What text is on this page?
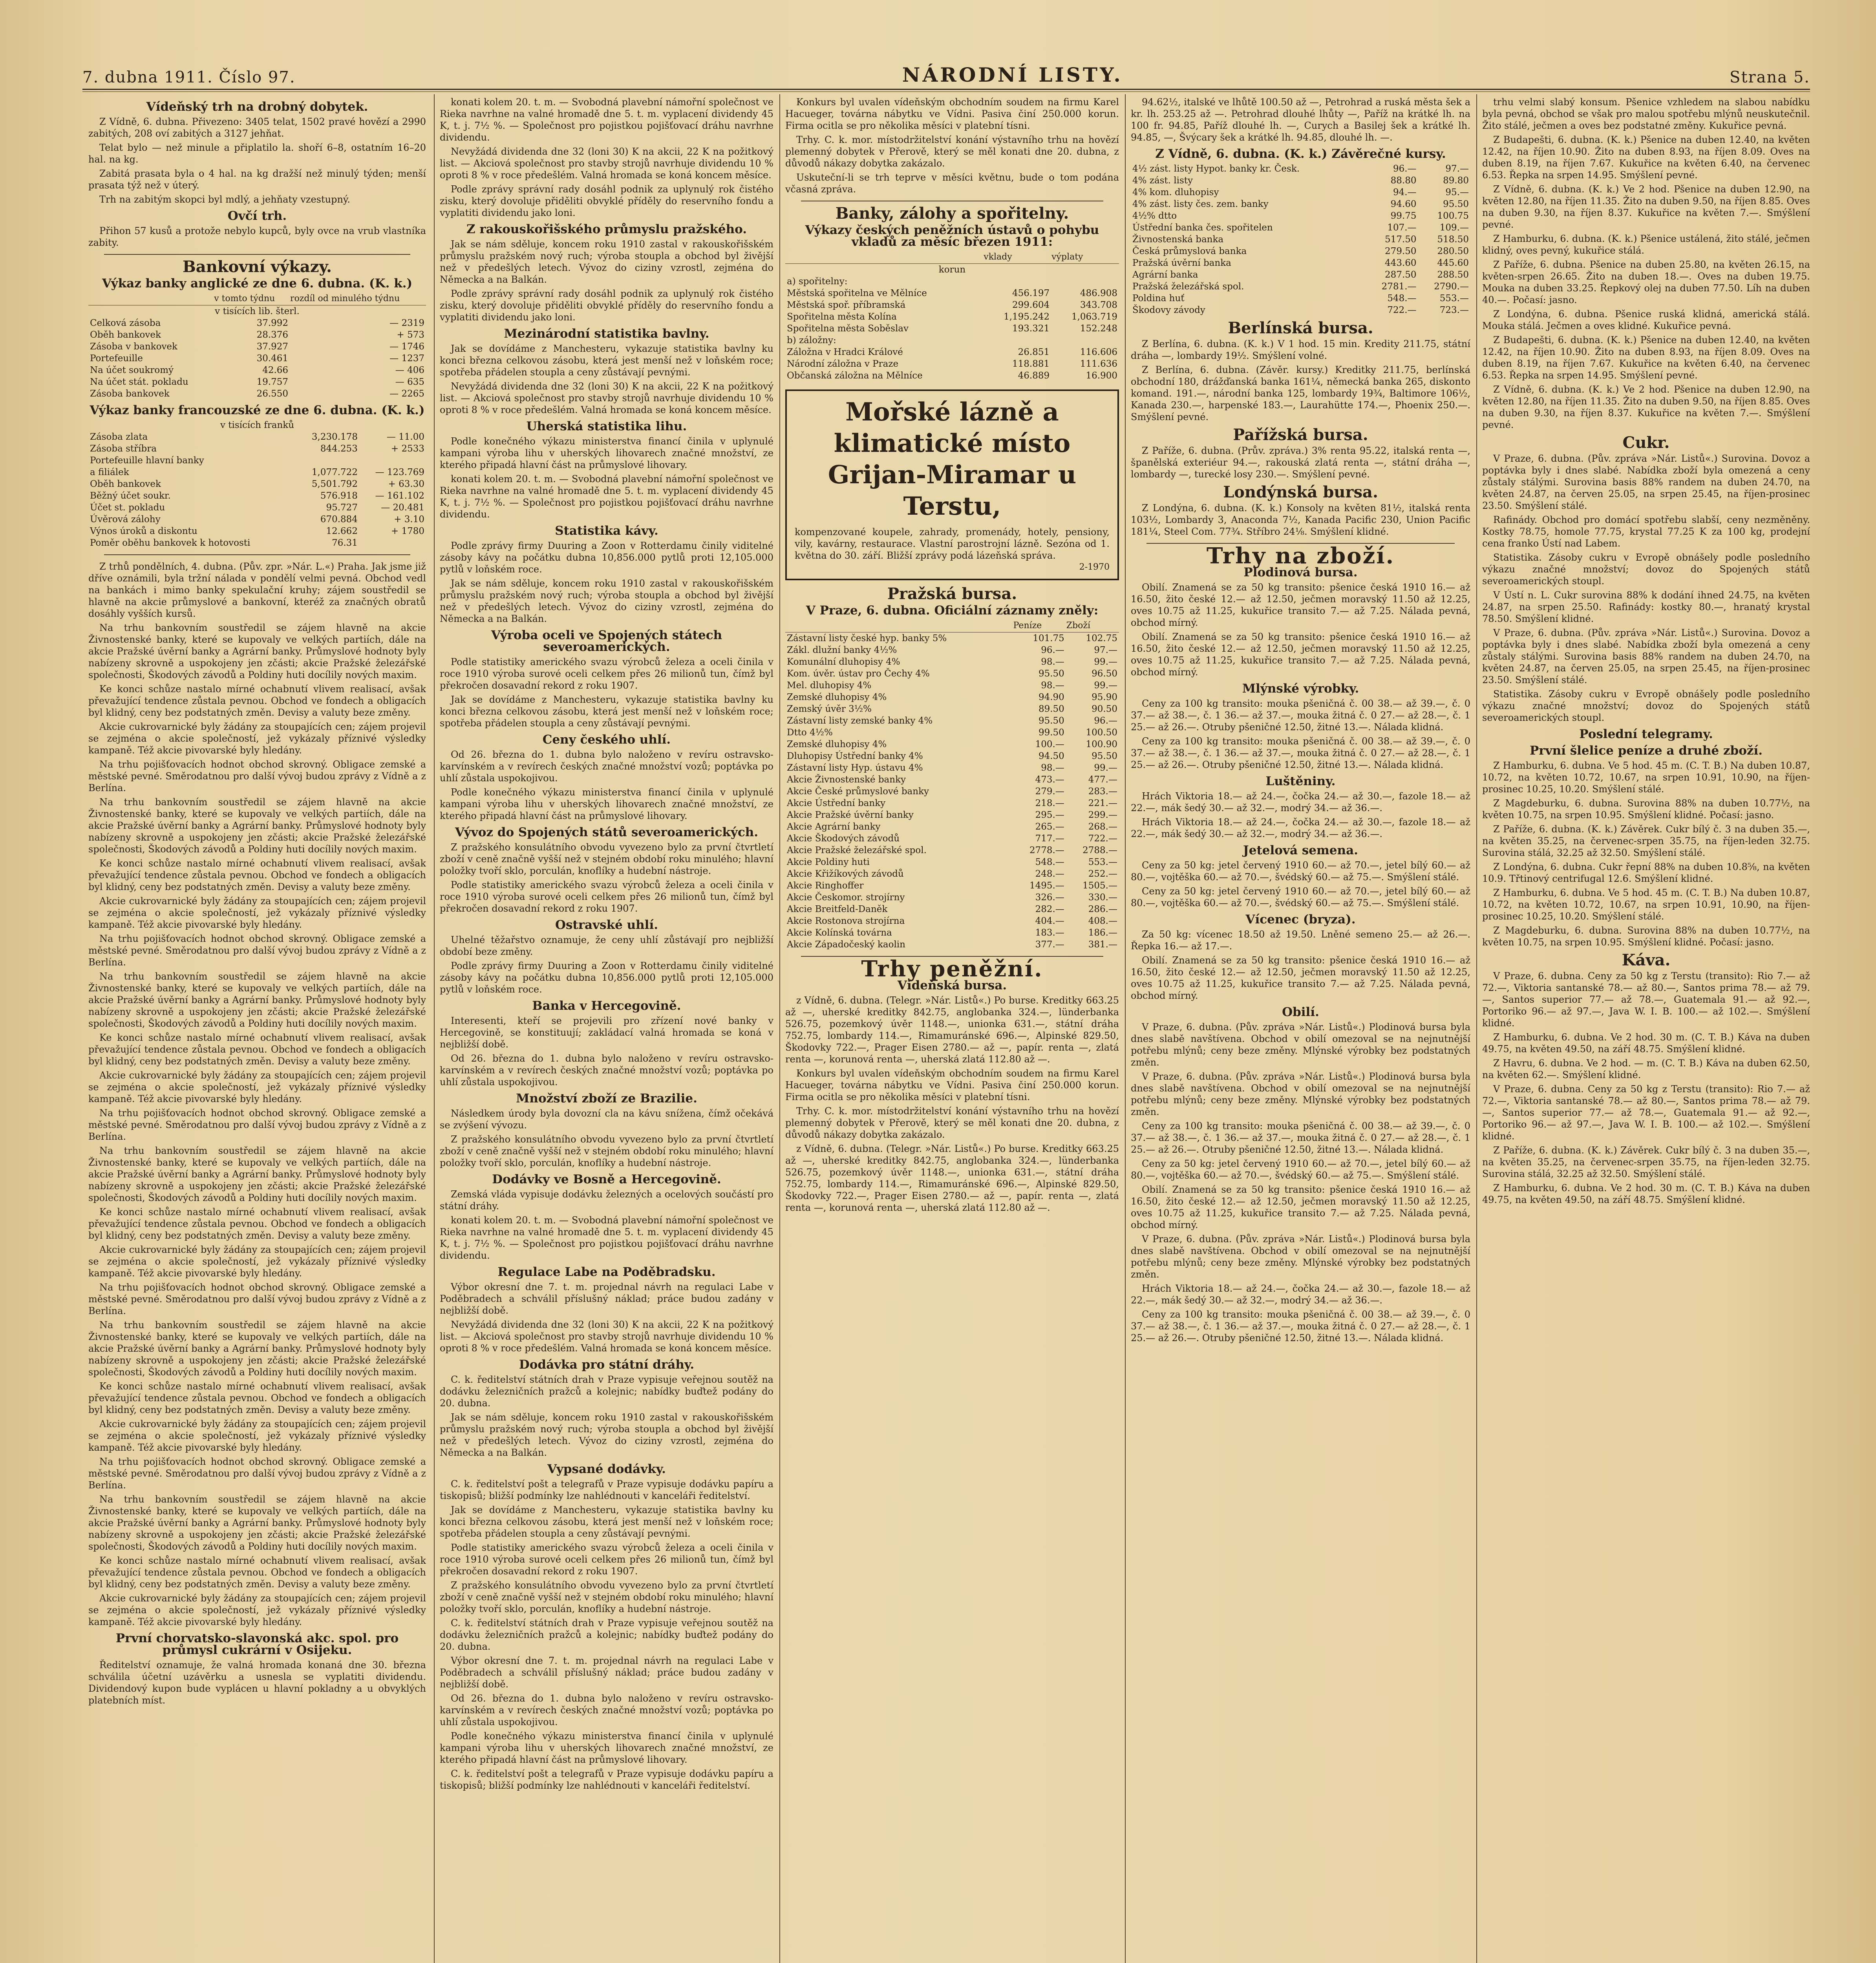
7. dubna 1911. Číslo 97.	NÁRODNÍ LISTY.	Strana 5.
Vídeňský trh na drobný dobytek.

Z Vídně, 6. dubna. Přivezeno: 3405 telat, 1502 pravé hovězí a 2990 zabitých, 208 oví zabitých a 3127 jehňat.

Telat bylo — než minule a připlatilo la. shoří 6–8, ostatním 16–20 hal. na kg.

Zabitá prasata byla o 4 hal. na kg dražší než minulý týden; menší prasata týž než v úterý.

Trh na zabitým skopci byl mdlý, a jehňaty vzestupný.

Ovčí trh.

Přihon 57 kusů a protože nebylo kupců, byly ovce na vrub vlastníka zabity.

Bankovní výkazy.
Výkaz banky anglické ze dne 6. dubna. (K. k.)
	v tomto týdnu	rozdíl od minulého týdnu
v tisících lib. šterl.		
Celková zásoba	37.992	— 2319
Oběh bankovek	28.376	+ 573
Zásoba v bankovek	37.927	— 1746
Portefeuille	30.461	— 1237
Na účet soukromý	42.66	— 406
Na účet stát. pokladu	19.757	— 635
Zásoba bankovek	26.550	— 2265
Výkaz banky francouzské ze dne 6. dubna. (K. k.)
v tisících franků		
Zásoba zlata	3,230.178	— 11.00
Zásoba stříbra	844.253	+ 2533
Portefeuille hlavní banky		
a filiálek	1,077.722	— 123.769
Oběh bankovek	5,501.792	+ 63.30
Běžný účet soukr.	576.918	— 161.102
Účet st. pokladu	95.727	— 20.481
Úvěrová zálohy	670.884	+ 3.10
Výnos úroků a diskontu	12.662	+ 1780
Poměr oběhu bankovek k hotovosti	76.31	

Z trhů pondělních, 4. dubna. (Pův. zpr. »Nár. L.«) Praha. Jak jsme již dříve oznámili, byla tržní nálada v pondělí velmi pevná. Obchod vedl na bankách i mimo banky spekulační kruhy; zájem soustředil se hlavně na akcie průmyslové a bankovní, kteréž za značných obratů dosáhly vyšších kursů.

Na trhu bankovním soustředil se zájem hlavně na akcie Živnostenské banky, které se kupovaly ve velkých partiích, dále na akcie Pražské úvěrní banky a Agrární banky. Průmyslové hodnoty byly nabízeny skrovně a uspokojeny jen zčásti; akcie Pražské železářské společnosti, Škodových závodů a Poldiny huti docílily nových maxim.

Ke konci schůze nastalo mírné ochabnutí vlivem realisací, avšak převažující tendence zůstala pevnou. Obchod ve fondech a obligacích byl klidný, ceny bez podstatných změn. Devisy a valuty beze změny.

Akcie cukrovarnické byly žádány za stoupajících cen; zájem projevil se zejména o akcie společností, jež vykázaly příznivé výsledky kampaně. Též akcie pivovarské byly hledány.

Na trhu pojišťovacích hodnot obchod skrovný. Obligace zemské a městské pevné. Směrodatnou pro další vývoj budou zprávy z Vídně a z Berlína.

Na trhu bankovním soustředil se zájem hlavně na akcie Živnostenské banky, které se kupovaly ve velkých partiích, dále na akcie Pražské úvěrní banky a Agrární banky. Průmyslové hodnoty byly nabízeny skrovně a uspokojeny jen zčásti; akcie Pražské železářské společnosti, Škodových závodů a Poldiny huti docílily nových maxim.

Ke konci schůze nastalo mírné ochabnutí vlivem realisací, avšak převažující tendence zůstala pevnou. Obchod ve fondech a obligacích byl klidný, ceny bez podstatných změn. Devisy a valuty beze změny.

Akcie cukrovarnické byly žádány za stoupajících cen; zájem projevil se zejména o akcie společností, jež vykázaly příznivé výsledky kampaně. Též akcie pivovarské byly hledány.

Na trhu pojišťovacích hodnot obchod skrovný. Obligace zemské a městské pevné. Směrodatnou pro další vývoj budou zprávy z Vídně a z Berlína.

Na trhu bankovním soustředil se zájem hlavně na akcie Živnostenské banky, které se kupovaly ve velkých partiích, dále na akcie Pražské úvěrní banky a Agrární banky. Průmyslové hodnoty byly nabízeny skrovně a uspokojeny jen zčásti; akcie Pražské železářské společnosti, Škodových závodů a Poldiny huti docílily nových maxim.

Ke konci schůze nastalo mírné ochabnutí vlivem realisací, avšak převažující tendence zůstala pevnou. Obchod ve fondech a obligacích byl klidný, ceny bez podstatných změn. Devisy a valuty beze změny.

Akcie cukrovarnické byly žádány za stoupajících cen; zájem projevil se zejména o akcie společností, jež vykázaly příznivé výsledky kampaně. Též akcie pivovarské byly hledány.

Na trhu pojišťovacích hodnot obchod skrovný. Obligace zemské a městské pevné. Směrodatnou pro další vývoj budou zprávy z Vídně a z Berlína.

Na trhu bankovním soustředil se zájem hlavně na akcie Živnostenské banky, které se kupovaly ve velkých partiích, dále na akcie Pražské úvěrní banky a Agrární banky. Průmyslové hodnoty byly nabízeny skrovně a uspokojeny jen zčásti; akcie Pražské železářské společnosti, Škodových závodů a Poldiny huti docílily nových maxim.

Ke konci schůze nastalo mírné ochabnutí vlivem realisací, avšak převažující tendence zůstala pevnou. Obchod ve fondech a obligacích byl klidný, ceny bez podstatných změn. Devisy a valuty beze změny.

Akcie cukrovarnické byly žádány za stoupajících cen; zájem projevil se zejména o akcie společností, jež vykázaly příznivé výsledky kampaně. Též akcie pivovarské byly hledány.

Na trhu pojišťovacích hodnot obchod skrovný. Obligace zemské a městské pevné. Směrodatnou pro další vývoj budou zprávy z Vídně a z Berlína.

Na trhu bankovním soustředil se zájem hlavně na akcie Živnostenské banky, které se kupovaly ve velkých partiích, dále na akcie Pražské úvěrní banky a Agrární banky. Průmyslové hodnoty byly nabízeny skrovně a uspokojeny jen zčásti; akcie Pražské železářské společnosti, Škodových závodů a Poldiny huti docílily nových maxim.

Ke konci schůze nastalo mírné ochabnutí vlivem realisací, avšak převažující tendence zůstala pevnou. Obchod ve fondech a obligacích byl klidný, ceny bez podstatných změn. Devisy a valuty beze změny.

Akcie cukrovarnické byly žádány za stoupajících cen; zájem projevil se zejména o akcie společností, jež vykázaly příznivé výsledky kampaně. Též akcie pivovarské byly hledány.

Na trhu pojišťovacích hodnot obchod skrovný. Obligace zemské a městské pevné. Směrodatnou pro další vývoj budou zprávy z Vídně a z Berlína.

Na trhu bankovním soustředil se zájem hlavně na akcie Živnostenské banky, které se kupovaly ve velkých partiích, dále na akcie Pražské úvěrní banky a Agrární banky. Průmyslové hodnoty byly nabízeny skrovně a uspokojeny jen zčásti; akcie Pražské železářské společnosti, Škodových závodů a Poldiny huti docílily nových maxim.

Ke konci schůze nastalo mírné ochabnutí vlivem realisací, avšak převažující tendence zůstala pevnou. Obchod ve fondech a obligacích byl klidný, ceny bez podstatných změn. Devisy a valuty beze změny.

Akcie cukrovarnické byly žádány za stoupajících cen; zájem projevil se zejména o akcie společností, jež vykázaly příznivé výsledky kampaně. Též akcie pivovarské byly hledány.

První chorvatsko-slavonská akc. spol. pro průmysl cukrární v Osijeku.

Ředitelství oznamuje, že valná hromada konaná dne 30. března schválila účetní uzávěrku a usnesla se vyplatiti dividendu. Dividendový kupon bude vyplácen u hlavní pokladny a u obvyklých platebních míst.

konati kolem 20. t. m. — Svobodná plavební námořní společnost ve Rieka navrhne na valné hromadě dne 5. t. m. vyplacení dividendy 45 K, t. j. 7½ %. — Společnost pro pojistkou pojišťovací dráhu navrhne dividendu.

Nevyžádá dividenda dne 32 (loni 30) K na akcii, 22 K na požitkový list. — Akciová společnost pro stavby strojů navrhuje dividendu 10 % oproti 8 % v roce předešlém. Valná hromada se koná koncem měsíce.

Podle zprávy správní rady dosáhl podnik za uplynulý rok čistého zisku, který dovoluje přiděliti obvyklé příděly do reservního fondu a vyplatiti dividendu jako loni.

Z rakouskořišského průmyslu pražského.

Jak se nám sděluje, koncem roku 1910 zastal v rakouskořišském průmyslu pražském nový ruch; výroba stoupla a obchod byl živější než v předešlých letech. Vývoz do ciziny vzrostl, zejména do Německa a na Balkán.

Podle zprávy správní rady dosáhl podnik za uplynulý rok čistého zisku, který dovoluje přiděliti obvyklé příděly do reservního fondu a vyplatiti dividendu jako loni.

Mezinárodní statistika bavlny.

Jak se dovídáme z Manchesteru, vykazuje statistika bavlny ku konci března celkovou zásobu, která jest menší než v loňském roce; spotřeba přádelen stoupla a ceny zůstávají pevnými.

Nevyžádá dividenda dne 32 (loni 30) K na akcii, 22 K na požitkový list. — Akciová společnost pro stavby strojů navrhuje dividendu 10 % oproti 8 % v roce předešlém. Valná hromada se koná koncem měsíce.

Uherská statistika lihu.

Podle konečného výkazu ministerstva financí činila v uplynulé kampani výroba lihu v uherských lihovarech značné množství, ze kterého připadá hlavní část na průmyslové lihovary.

konati kolem 20. t. m. — Svobodná plavební námořní společnost ve Rieka navrhne na valné hromadě dne 5. t. m. vyplacení dividendy 45 K, t. j. 7½ %. — Společnost pro pojistkou pojišťovací dráhu navrhne dividendu.

Statistika kávy.

Podle zprávy firmy Duuring a Zoon v Rotterdamu činily viditelné zásoby kávy na počátku dubna 10,856.000 pytlů proti 12,105.000 pytlů v loňském roce.

Jak se nám sděluje, koncem roku 1910 zastal v rakouskořišském průmyslu pražském nový ruch; výroba stoupla a obchod byl živější než v předešlých letech. Vývoz do ciziny vzrostl, zejména do Německa a na Balkán.

Výroba oceli ve Spojených státech severoamerických.

Podle statistiky amerického svazu výrobců železa a oceli činila v roce 1910 výroba surové oceli celkem přes 26 milionů tun, čímž byl překročen dosavadní rekord z roku 1907.

Jak se dovídáme z Manchesteru, vykazuje statistika bavlny ku konci března celkovou zásobu, která jest menší než v loňském roce; spotřeba přádelen stoupla a ceny zůstávají pevnými.

Ceny českého uhlí.

Od 26. března do 1. dubna bylo naloženo v revíru ostravsko-karvínském a v revírech českých značné množství vozů; poptávka po uhlí zůstala uspokojivou.

Podle konečného výkazu ministerstva financí činila v uplynulé kampani výroba lihu v uherských lihovarech značné množství, ze kterého připadá hlavní část na průmyslové lihovary.

Vývoz do Spojených států severoamerických.

Z pražského konsulátního obvodu vyvezeno bylo za první čtvrtletí zboží v ceně značně vyšší než v stejném období roku minulého; hlavní položky tvoří sklo, porculán, knoflíky a hudební nástroje.

Podle statistiky amerického svazu výrobců železa a oceli činila v roce 1910 výroba surové oceli celkem přes 26 milionů tun, čímž byl překročen dosavadní rekord z roku 1907.

Ostravské uhlí.

Uhelné těžařstvo oznamuje, že ceny uhlí zůstávají pro nejbližší období beze změny.

Podle zprávy firmy Duuring a Zoon v Rotterdamu činily viditelné zásoby kávy na počátku dubna 10,856.000 pytlů proti 12,105.000 pytlů v loňském roce.

Banka v Hercegovině.

Interesenti, kteří se projevili pro zřízení nové banky v Hercegovině, se konstituují; zakládací valná hromada se koná v nejbližší době.

Od 26. března do 1. dubna bylo naloženo v revíru ostravsko-karvínském a v revírech českých značné množství vozů; poptávka po uhlí zůstala uspokojivou.

Množství zboží ze Brazilie.

Následkem úrody byla dovozní cla na kávu snížena, čímž očekává se zvýšení vývozu.

Z pražského konsulátního obvodu vyvezeno bylo za první čtvrtletí zboží v ceně značně vyšší než v stejném období roku minulého; hlavní položky tvoří sklo, porculán, knoflíky a hudební nástroje.

Dodávky ve Bosně a Hercegovině.

Zemská vláda vypisuje dodávku železných a ocelových součástí pro státní dráhy.

konati kolem 20. t. m. — Svobodná plavební námořní společnost ve Rieka navrhne na valné hromadě dne 5. t. m. vyplacení dividendy 45 K, t. j. 7½ %. — Společnost pro pojistkou pojišťovací dráhu navrhne dividendu.

Regulace Labe na Poděbradsku.

Výbor okresní dne 7. t. m. projednal návrh na regulaci Labe v Poděbradech a schválil příslušný náklad; práce budou zadány v nejbližší době.

Nevyžádá dividenda dne 32 (loni 30) K na akcii, 22 K na požitkový list. — Akciová společnost pro stavby strojů navrhuje dividendu 10 % oproti 8 % v roce předešlém. Valná hromada se koná koncem měsíce.

Dodávka pro státní dráhy.

C. k. ředitelství státních drah v Praze vypisuje veřejnou soutěž na dodávku železničních pražců a kolejnic; nabídky buďtež podány do 20. dubna.

Jak se nám sděluje, koncem roku 1910 zastal v rakouskořišském průmyslu pražském nový ruch; výroba stoupla a obchod byl živější než v předešlých letech. Vývoz do ciziny vzrostl, zejména do Německa a na Balkán.

Vypsané dodávky.

C. k. ředitelství pošt a telegrafů v Praze vypisuje dodávku papíru a tiskopisů; bližší podmínky lze nahlédnouti v kanceláři ředitelství.

Jak se dovídáme z Manchesteru, vykazuje statistika bavlny ku konci března celkovou zásobu, která jest menší než v loňském roce; spotřeba přádelen stoupla a ceny zůstávají pevnými.

Podle statistiky amerického svazu výrobců železa a oceli činila v roce 1910 výroba surové oceli celkem přes 26 milionů tun, čímž byl překročen dosavadní rekord z roku 1907.

Z pražského konsulátního obvodu vyvezeno bylo za první čtvrtletí zboží v ceně značně vyšší než v stejném období roku minulého; hlavní položky tvoří sklo, porculán, knoflíky a hudební nástroje.

C. k. ředitelství státních drah v Praze vypisuje veřejnou soutěž na dodávku železničních pražců a kolejnic; nabídky buďtež podány do 20. dubna.

Výbor okresní dne 7. t. m. projednal návrh na regulaci Labe v Poděbradech a schválil příslušný náklad; práce budou zadány v nejbližší době.

Od 26. března do 1. dubna bylo naloženo v revíru ostravsko-karvínském a v revírech českých značné množství vozů; poptávka po uhlí zůstala uspokojivou.

Podle konečného výkazu ministerstva financí činila v uplynulé kampani výroba lihu v uherských lihovarech značné množství, ze kterého připadá hlavní část na průmyslové lihovary.

C. k. ředitelství pošt a telegrafů v Praze vypisuje dodávku papíru a tiskopisů; bližší podmínky lze nahlédnouti v kanceláři ředitelství.

Konkurs byl uvalen vídeňským obchodním soudem na firmu Karel Hacueger, továrna nábytku ve Vídni. Pasiva činí 250.000 korun. Firma ocitla se pro několika měsíci v platební tísni.

Trhy. C. k. mor. místodržitelství konání výstavního trhu na hovězí plemenný dobytek v Přerově, který se měl konati dne 20. dubna, z důvodů nákazy dobytka zakázalo.

Uskuteční-li se trh teprve v měsíci květnu, bude o tom podána včasná zpráva.

Banky, zálohy a spořitelny.
Výkazy českých peněžních ústavů o pohybu vkladů za měsíc březen 1911:
	vklady	výplaty
korun		
a) spořitelny:		
Městská spořitelna ve Mělníce	456.197	486.908
Městská spoř. příbramská	299.604	343.708
Spořitelna města Kolína	1,195.242	1,063.719
Spořitelna města Soběslav	193.321	152.248
b) záložny:		
Záložna v Hradci Králové	26.851	116.606
Národní záložna v Praze	118.881	111.636
Občanská záložna na Mělníce	46.889	16.900
Mořské lázně a klimatické místo Grijan-Miramar u Terstu,
kompenzované koupele, zahrady, promenády, hotely, pensiony, vily, kavárny, restaurace. Vlastní parostrojní lázně. Sezóna od 1. května do 30. září. Bližší zprávy podá lázeňská správa.
2-1970
Pražská bursa.
V Praze, 6. dubna. Oficiální záznamy zněly:
	Peníze	Zboží
Zástavní listy české hyp. banky 5%	101.75	102.75
Zákl. dlužní banky 4½%	96.—	97.—
Komunální dluhopisy 4%	98.—	99.—
Kom. úvěr. ústav pro Čechy 4%	95.50	96.50
Mel. dluhopisy 4%	98.—	99.—
Zemské dluhopisy 4%	94.90	95.90
Zemský úvěr 3½%	89.50	90.50
Zástavní listy zemské banky 4%	95.50	96.—
Dtto 4½%	99.50	100.50
Zemské dluhopisy 4%	100.—	100.90
Dluhopisy Ústřední banky 4%	94.50	95.50
Zástavní listy Hyp. ústavu 4%	98.—	99.—
Akcie Živnostenské banky	473.—	477.—
Akcie České průmyslové banky	279.—	283.—
Akcie Ústřední banky	218.—	221.—
Akcie Pražské úvěrní banky	295.—	299.—
Akcie Agrární banky	265.—	268.—
Akcie Škodových závodů	717.—	722.—
Akcie Pražské železářské spol.	2778.—	2788.—
Akcie Poldiny huti	548.—	553.—
Akcie Křižíkových závodů	248.—	252.—
Akcie Ringhoffer	1495.—	1505.—
Akcie Českomor. strojírny	326.—	330.—
Akcie Breitfeld-Daněk	282.—	286.—
Akcie Rostonova strojírna	404.—	408.—
Akcie Kolínská továrna	183.—	186.—
Akcie Západočeský kaolin	377.—	381.—
Trhy peněžní.
Vídeňská bursa.

z Vídně, 6. dubna. (Telegr. »Nár. Listů«.) Po bursе. Kreditky 663.25 až —, uherské kreditky 842.75, anglobanka 324.—, lünderbanka 526.75, pozemkový úvěr 1148.—, unionka 631.—, státní dráha 752.75, lombardy 114.—, Rimamuránské 696.—, Alpinské 829.50, Škodovky 722.—, Prager Eisen 2780.— až —, papír. renta —, zlatá renta —, korunová renta —, uherská zlatá 112.80 až —.

Konkurs byl uvalen vídeňským obchodním soudem na firmu Karel Hacueger, továrna nábytku ve Vídni. Pasiva činí 250.000 korun. Firma ocitla se pro několika měsíci v platební tísni.

Trhy. C. k. mor. místodržitelství konání výstavního trhu na hovězí plemenný dobytek v Přerově, který se měl konati dne 20. dubna, z důvodů nákazy dobytka zakázalo.

z Vídně, 6. dubna. (Telegr. »Nár. Listů«.) Po bursе. Kreditky 663.25 až —, uherské kreditky 842.75, anglobanka 324.—, lünderbanka 526.75, pozemkový úvěr 1148.—, unionka 631.—, státní dráha 752.75, lombardy 114.—, Rimamuránské 696.—, Alpinské 829.50, Škodovky 722.—, Prager Eisen 2780.— až —, papír. renta —, zlatá renta —, korunová renta —, uherská zlatá 112.80 až —.

94.62½, italské ve lhůtě 100.50 až —, Petrohrad a ruská města šek a kr. lh. 253.25 až —. Petrohrad dlouhé lhůty —, Paříž na krátké lh. na 100 fr. 94.85, Paříž dlouhé lh. —, Curych a Basilej šek a krátké lh. 94.85, —, Švýcary šek a krátké lh. 94.85, dlouhé lh. —.

Z Vídně, 6. dubna. (K. k.) Závěrečné kursy.
4½ zást. listy Hypot. banky kr. Česk.	96.—	97.—
4% zást. listy	88.80	89.80
4% kom. dluhopisy	94.—	95.—
4% zást. listy čes. zem. banky	94.60	95.50
4½% dtto	99.75	100.75
Ústřední banka čes. spořitelen	107.—	109.—
Živnostenská banka	517.50	518.50
Česká průmyslová banka	279.50	280.50
Pražská úvěrní banka	443.60	445.60
Agrární banka	287.50	288.50
Pražská železářská spol.	2781.—	2790.—
Poldina huť	548.—	553.—
Škodovy závody	722.—	723.—
Berlínská bursa.

Z Berlína, 6. dubna. (K. k.) V 1 hod. 15 min. Kredity 211.75, státní dráha —, lombardy 19½. Smýšlení volné.

Z Berlína, 6. dubna. (Závěr. kursy.) Kreditky 211.75, berlínská obchodní 180, drážďanská banka 161¼, německá banka 265, diskonto komand. 191.—, národní banka 125, lombardy 19¾, Baltimore 106½, Kanada 230.—, harpenské 183.—, Laurahütte 174.—, Phoenix 250.—. Smýšlení pevné.

Pařížská bursa.

Z Paříže, 6. dubna. (Prův. zpráva.) 3% renta 95.22, italská renta —, španělská exteriéur 94.—, rakouská zlatá renta —, státní dráha —, lombardy —, turecké losy 230.—. Smýšlení pevné.

Londýnská bursa.

Z Londýna, 6. dubna. (K. k.) Konsoly na květen 81½, italská renta 103½, Lombardy 3, Anaconda 7½, Kanada Pacific 230, Union Pacific 181¼, Steel Com. 77¾. Stříbro 24⅛. Smýšlení klidné.

Trhy na zboží.
Plodinová bursa.

Obilí. Znamená se za 50 kg transito: pšenice česká 1910 16.— až 16.50, žito české 12.— až 12.50, ječmen moravský 11.50 až 12.25, oves 10.75 až 11.25, kukuřice transito 7.— až 7.25. Nálada pevná, obchod mírný.

Obilí. Znamená se za 50 kg transito: pšenice česká 1910 16.— až 16.50, žito české 12.— až 12.50, ječmen moravský 11.50 až 12.25, oves 10.75 až 11.25, kukuřice transito 7.— až 7.25. Nálada pevná, obchod mírný.

Mlýnské výrobky.

Ceny za 100 kg transito: mouka pšeničná č. 00 38.— až 39.—, č. 0 37.— až 38.—, č. 1 36.— až 37.—, mouka žitná č. 0 27.— až 28.—, č. 1 25.— až 26.—. Otruby pšeničné 12.50, žitné 13.—. Nálada klidná.

Ceny za 100 kg transito: mouka pšeničná č. 00 38.— až 39.—, č. 0 37.— až 38.—, č. 1 36.— až 37.—, mouka žitná č. 0 27.— až 28.—, č. 1 25.— až 26.—. Otruby pšeničné 12.50, žitné 13.—. Nálada klidná.

Luštěniny.

Hrách Viktoria 18.— až 24.—, čočka 24.— až 30.—, fazole 18.— až 22.—, mák šedý 30.— až 32.—, modrý 34.— až 36.—.

Hrách Viktoria 18.— až 24.—, čočka 24.— až 30.—, fazole 18.— až 22.—, mák šedý 30.— až 32.—, modrý 34.— až 36.—.

Jetelová semena.

Ceny za 50 kg: jetel červený 1910 60.— až 70.—, jetel bílý 60.— až 80.—, vojtěška 60.— až 70.—, švédský 60.— až 75.—. Smýšlení stálé.

Ceny za 50 kg: jetel červený 1910 60.— až 70.—, jetel bílý 60.— až 80.—, vojtěška 60.— až 70.—, švédský 60.— až 75.—. Smýšlení stálé.

Vícenec (bryza).

Za 50 kg: vícenec 18.50 až 19.50. Lněné semeno 25.— až 26.—. Řepka 16.— až 17.—.

Obilí. Znamená se za 50 kg transito: pšenice česká 1910 16.— až 16.50, žito české 12.— až 12.50, ječmen moravský 11.50 až 12.25, oves 10.75 až 11.25, kukuřice transito 7.— až 7.25. Nálada pevná, obchod mírný.

Obilí.

V Praze, 6. dubna. (Pův. zpráva »Nár. Listů«.) Plodinová bursa byla dnes slabě navštívena. Obchod v obilí omezoval se na nejnutnější potřebu mlýnů; ceny beze změny. Mlýnské výrobky bez podstatných změn.

V Praze, 6. dubna. (Pův. zpráva »Nár. Listů«.) Plodinová bursa byla dnes slabě navštívena. Obchod v obilí omezoval se na nejnutnější potřebu mlýnů; ceny beze změny. Mlýnské výrobky bez podstatných změn.

Ceny za 100 kg transito: mouka pšeničná č. 00 38.— až 39.—, č. 0 37.— až 38.—, č. 1 36.— až 37.—, mouka žitná č. 0 27.— až 28.—, č. 1 25.— až 26.—. Otruby pšeničné 12.50, žitné 13.—. Nálada klidná.

Ceny za 50 kg: jetel červený 1910 60.— až 70.—, jetel bílý 60.— až 80.—, vojtěška 60.— až 70.—, švédský 60.— až 75.—. Smýšlení stálé.

Obilí. Znamená se za 50 kg transito: pšenice česká 1910 16.— až 16.50, žito české 12.— až 12.50, ječmen moravský 11.50 až 12.25, oves 10.75 až 11.25, kukuřice transito 7.— až 7.25. Nálada pevná, obchod mírný.

V Praze, 6. dubna. (Pův. zpráva »Nár. Listů«.) Plodinová bursa byla dnes slabě navštívena. Obchod v obilí omezoval se na nejnutnější potřebu mlýnů; ceny beze změny. Mlýnské výrobky bez podstatných změn.

Hrách Viktoria 18.— až 24.—, čočka 24.— až 30.—, fazole 18.— až 22.—, mák šedý 30.— až 32.—, modrý 34.— až 36.—.

Ceny za 100 kg transito: mouka pšeničná č. 00 38.— až 39.—, č. 0 37.— až 38.—, č. 1 36.— až 37.—, mouka žitná č. 0 27.— až 28.—, č. 1 25.— až 26.—. Otruby pšeničné 12.50, žitné 13.—. Nálada klidná.

trhu velmi slabý konsum. Pšenice vzhledem na slabou nabídku byla pevná, obchod se však pro malou spotřebu mlýnů neuskutečnil. Žito stálé, ječmen a oves bez podstatné změny. Kukuřice pevná.

Z Budapešti, 6. dubna. (K. k.) Pšenice na duben 12.40, na květen 12.42, na říjen 10.90. Žito na duben 8.93, na říjen 8.09. Oves na duben 8.19, na říjen 7.67. Kukuřice na květen 6.40, na červenec 6.53. Řepka na srpen 14.95. Smýšlení pevné.

Z Vídně, 6. dubna. (K. k.) Ve 2 hod. Pšenice na duben 12.90, na květen 12.80, na říjen 11.35. Žito na duben 9.50, na říjen 8.85. Oves na duben 9.30, na říjen 8.37. Kukuřice na květen 7.—. Smýšlení pevné.

Z Hamburku, 6. dubna. (K. k.) Pšenice ustálená, žito stálé, ječmen klidný, oves pevný, kukuřice stálá.

Z Paříže, 6. dubna. Pšenice na duben 25.80, na květen 26.15, na květen-srpen 26.65. Žito na duben 18.—. Oves na duben 19.75. Mouka na duben 33.25. Řepkový olej na duben 77.50. Líh na duben 40.—. Počasí: jasno.

Z Londýna, 6. dubna. Pšenice ruská klidná, americká stálá. Mouka stálá. Ječmen a oves klidné. Kukuřice pevná.

Z Budapešti, 6. dubna. (K. k.) Pšenice na duben 12.40, na květen 12.42, na říjen 10.90. Žito na duben 8.93, na říjen 8.09. Oves na duben 8.19, na říjen 7.67. Kukuřice na květen 6.40, na červenec 6.53. Řepka na srpen 14.95. Smýšlení pevné.

Z Vídně, 6. dubna. (K. k.) Ve 2 hod. Pšenice na duben 12.90, na květen 12.80, na říjen 11.35. Žito na duben 9.50, na říjen 8.85. Oves na duben 9.30, na říjen 8.37. Kukuřice na květen 7.—. Smýšlení pevné.

Cukr.

V Praze, 6. dubna. (Pův. zpráva »Nár. Listů«.) Surovina. Dovoz a poptávka byly i dnes slabé. Nabídka zboží byla omezená a ceny zůstaly stálými. Surovina basis 88% randem na duben 24.70, na květen 24.87, na červen 25.05, na srpen 25.45, na říjen-prosinec 23.50. Smýšlení stálé.

Rafinády. Obchod pro domácí spotřebu slabší, ceny nezměněny. Kostky 78.75, homole 77.75, krystal 77.25 K za 100 kg, prodejní cena franko Ústí nad Labem.

Statistika. Zásoby cukru v Evropě obnášely podle posledního výkazu značné množství; dovoz do Spojených států severoamerických stoupl.

V Ústí n. L. Cukr surovina 88% k dodání ihned 24.75, na květen 24.87, na srpen 25.50. Rafinády: kostky 80.—, hranatý krystal 78.50. Smýšlení klidné.

V Praze, 6. dubna. (Pův. zpráva »Nár. Listů«.) Surovina. Dovoz a poptávka byly i dnes slabé. Nabídka zboží byla omezená a ceny zůstaly stálými. Surovina basis 88% randem na duben 24.70, na květen 24.87, na červen 25.05, na srpen 25.45, na říjen-prosinec 23.50. Smýšlení stálé.

Statistika. Zásoby cukru v Evropě obnášely podle posledního výkazu značné množství; dovoz do Spojených států severoamerických stoupl.

Poslední telegramy.
První šlelice peníze a druhé zboží.

Z Hamburku, 6. dubna. Ve 5 hod. 45 m. (C. T. B.) Na duben 10.87, 10.72, na květen 10.72, 10.67, na srpen 10.91, 10.90, na říjen-prosinec 10.25, 10.20. Smýšlení stálé.

Z Magdeburku, 6. dubna. Surovina 88% na duben 10.77½, na květen 10.75, na srpen 10.95. Smýšlení klidné. Počasí: jasno.

Z Paříže, 6. dubna. (K. k.) Závěrek. Cukr bílý č. 3 na duben 35.—, na květen 35.25, na červenec-srpen 35.75, na říjen-leden 32.75. Surovina stálá, 32.25 až 32.50. Smýšlení stálé.

Z Londýna, 6. dubna. Cukr řepní 88% na duben 10.8⅝, na květen 10.9. Třtinový centrifugal 12.6. Smýšlení klidné.

Z Hamburku, 6. dubna. Ve 5 hod. 45 m. (C. T. B.) Na duben 10.87, 10.72, na květen 10.72, 10.67, na srpen 10.91, 10.90, na říjen-prosinec 10.25, 10.20. Smýšlení stálé.

Z Magdeburku, 6. dubna. Surovina 88% na duben 10.77½, na květen 10.75, na srpen 10.95. Smýšlení klidné. Počasí: jasno.

Káva.

V Praze, 6. dubna. Ceny za 50 kg z Terstu (transito): Rio 7.— až 72.—, Viktoria santanské 78.— až 80.—, Santos prima 78.— až 79.—, Santos superior 77.— až 78.—, Guatemala 91.— až 92.—, Portoriko 96.— až 97.—, Java W. I. B. 100.— až 102.—. Smýšlení klidné.

Z Hamburku, 6. dubna. Ve 2 hod. 30 m. (C. T. B.) Káva na duben 49.75, na květen 49.50, na září 48.75. Smýšlení klidné.

Z Havru, 6. dubna. Ve 2 hod. — m. (C. T. B.) Káva na duben 62.50, na květen 62.—. Smýšlení klidné.

V Praze, 6. dubna. Ceny za 50 kg z Terstu (transito): Rio 7.— až 72.—, Viktoria santanské 78.— až 80.—, Santos prima 78.— až 79.—, Santos superior 77.— až 78.—, Guatemala 91.— až 92.—, Portoriko 96.— až 97.—, Java W. I. B. 100.— až 102.—. Smýšlení klidné.

Z Paříže, 6. dubna. (K. k.) Závěrek. Cukr bílý č. 3 na duben 35.—, na květen 35.25, na červenec-srpen 35.75, na říjen-leden 32.75. Surovina stálá, 32.25 až 32.50. Smýšlení stálé.

Z Hamburku, 6. dubna. Ve 2 hod. 30 m. (C. T. B.) Káva na duben 49.75, na květen 49.50, na září 48.75. Smýšlení klidné.
